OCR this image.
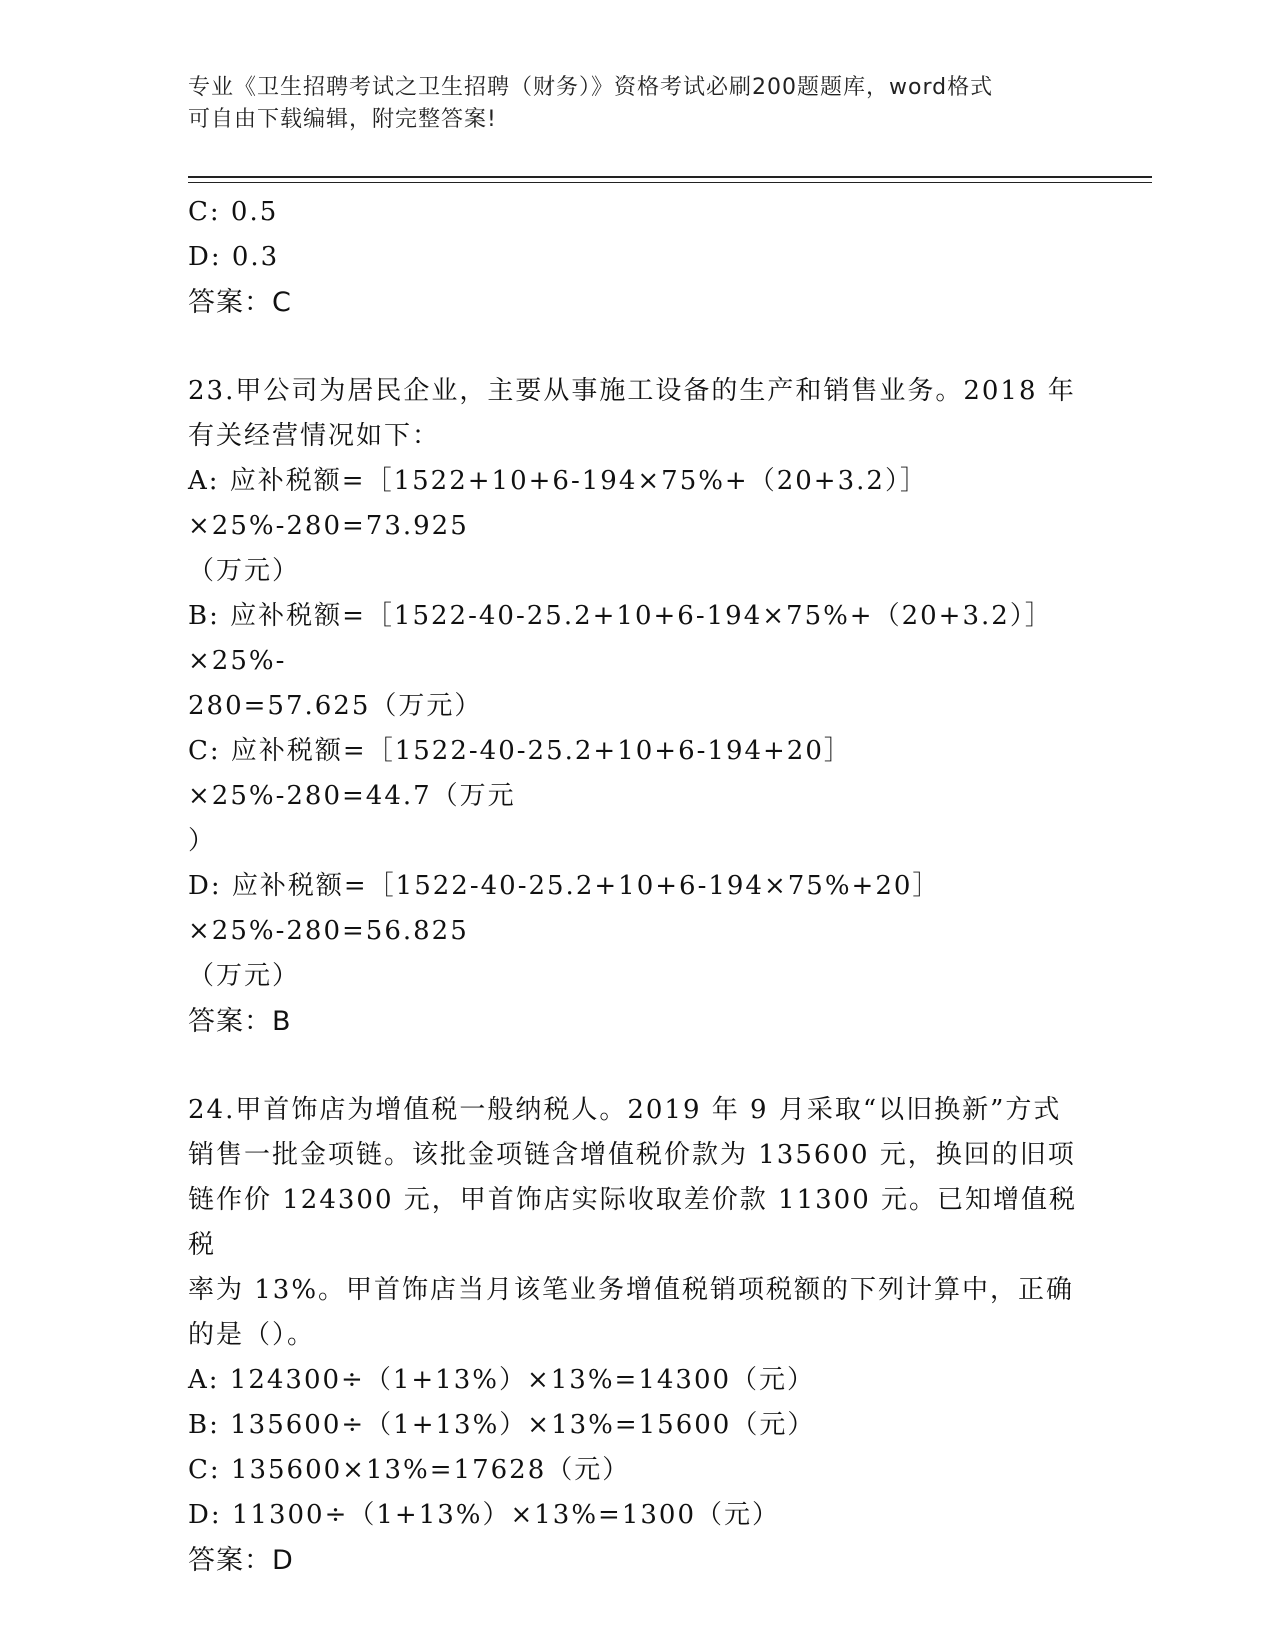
专业《卫生招聘考试之卫生招聘（财务）》资格考试必刷200题题库，word格式
可自由下载编辑，附完整答案!
C: 0.5
D: 0.3
答案：C
23.甲公司为居民企业，主要从事施工设备的生产和销售业务。2018 年
有关经营情况如下：
A: 应补税额=［1522+10+6-194×75%+（20+3.2）］×25%-280=73.925
（万元）
B: 应补税额=［1522-40-25.2+10+6-194×75%+（20+3.2）］×25%-
280=57.625（万元）
C: 应补税额=［1522-40-25.2+10+6-194+20］×25%-280=44.7（万元
）
D: 应补税额=［1522-40-25.2+10+6-194×75%+20］×25%-280=56.825
（万元）
答案：B
24.甲首饰店为增值税一般纳税人。2019 年 9 月采取“以旧换新”方式
销售一批金项链。该批金项链含增值税价款为 135600 元，换回的旧项
链作价 124300 元，甲首饰店实际收取差价款 11300 元。已知增值税税
率为 13%。甲首饰店当月该笔业务增值税销项税额的下列计算中，正确
的是（）。
A: 124300÷（1+13%）×13%=14300（元）
B: 135600÷（1+13%）×13%=15600（元）
C: 135600×13%=17628（元）
D: 11300÷（1+13%）×13%=1300（元）
答案：D
